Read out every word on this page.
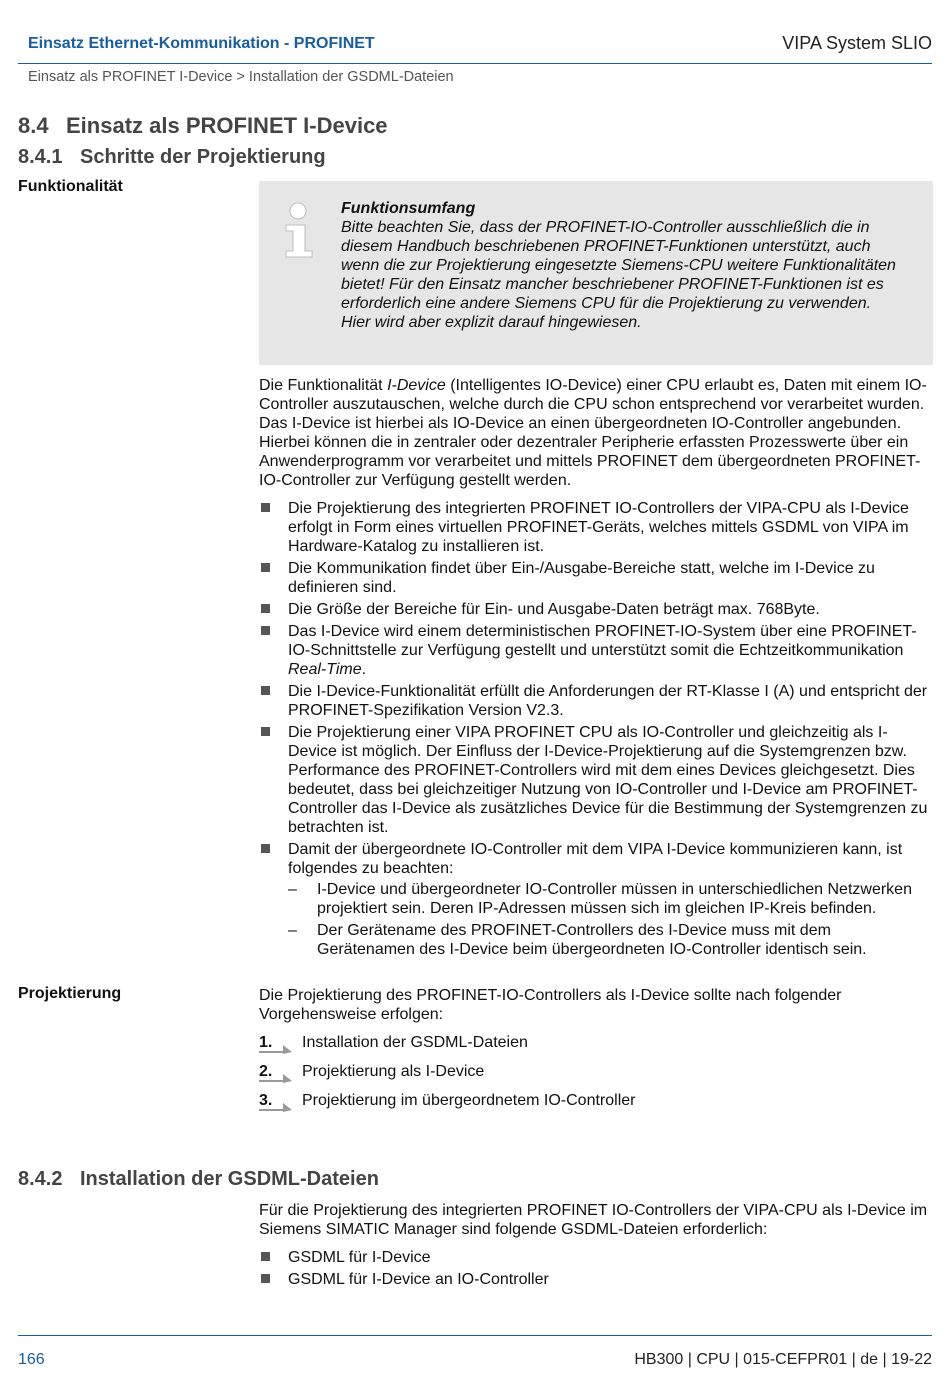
Einsatz Ethernet-Kommunikation - PROFINET	VIPA System SLIO
Einsatz als PROFINET I-Device > Installation der GSDML-Dateien
8.4 Einsatz als PROFINET I-Device
8.4.1 Schritte der Projektierung
Funktionalität
Funktionsumfang
Bitte beachten Sie, dass der PROFINET-IO-Controller ausschließlich die in diesem Handbuch beschriebenen PROFINET-Funktionen unterstützt, auch wenn die zur Projektierung eingesetzte Siemens-CPU weitere Funktionalitäten bietet! Für den Einsatz mancher beschriebener PROFINET-Funktionen ist es erforderlich eine andere Siemens CPU für die Projektierung zu verwenden. Hier wird aber explizit darauf hingewiesen.

Die Funktionalität I-Device (Intelligentes IO-Device) einer CPU erlaubt es, Daten mit einem IO-Controller auszutauschen, welche durch die CPU schon entsprechend vor verarbeitet wurden. Das I-Device ist hierbei als IO-Device an einen übergeordneten IO-Controller angebunden. Hierbei können die in zentraler oder dezentraler Peripherie erfassten Prozesswerte über ein Anwenderprogramm vor verarbeitet und mittels PROFINET dem übergeordneten PROFINET-IO-Controller zur Verfügung gestellt werden.

Die Projektierung des integrierten PROFINET IO-Controllers der VIPA-CPU als I-Device erfolgt in Form eines virtuellen PROFINET-Geräts, welches mittels GSDML von VIPA im Hardware-Katalog zu installieren ist.
Die Kommunikation findet über Ein-/Ausgabe-Bereiche statt, welche im I-Device zu definieren sind.
Die Größe der Bereiche für Ein- und Ausgabe-Daten beträgt max. 768Byte.
Das I-Device wird einem deterministischen PROFINET-IO-System über eine PROFINET-IO-Schnittstelle zur Verfügung gestellt und unterstützt somit die Echtzeitkommunikation Real-Time.
Die I-Device-Funktionalität erfüllt die Anforderungen der RT-Klasse I (A) und entspricht der PROFINET-Spezifikation Version V2.3.
Die Projektierung einer VIPA PROFINET CPU als IO-Controller und gleichzeitig als I-Device ist möglich. Der Einfluss der I-Device-Projektierung auf die Systemgrenzen bzw. Performance des PROFINET-Controllers wird mit dem eines Devices gleichgesetzt. Dies bedeutet, dass bei gleichzeitiger Nutzung von IO-Controller und I-Device am PROFINET-Controller das I-Device als zusätzliches Device für die Bestimmung der Systemgrenzen zu betrachten ist.
Damit der übergeordnete IO-Controller mit dem VIPA I-Device kommunizieren kann, ist folgendes zu beachten:
– I-Device und übergeordneter IO-Controller müssen in unterschiedlichen Netzwerken projektiert sein. Deren IP-Adressen müssen sich im gleichen IP-Kreis befinden.
– Der Gerätename des PROFINET-Controllers des I-Device muss mit dem Gerätenamen des I-Device beim übergeordneten IO-Controller identisch sein.
Projektierung	Die Projektierung des PROFINET-IO-Controllers als I-Device sollte nach folgender Vorgehensweise erfolgen:
1. Installation der GSDML-Dateien
2. Projektierung als I-Device
3. Projektierung im übergeordnetem IO-Controller
8.4.2 Installation der GSDML-Dateien

Für die Projektierung des integrierten PROFINET IO-Controllers der VIPA-CPU als I-Device im Siemens SIMATIC Manager sind folgende GSDML-Dateien erforderlich:

GSDML für I-Device
GSDML für I-Device an IO-Controller
166	HB300 | CPU | 015-CEFPR01 | de | 19-22
